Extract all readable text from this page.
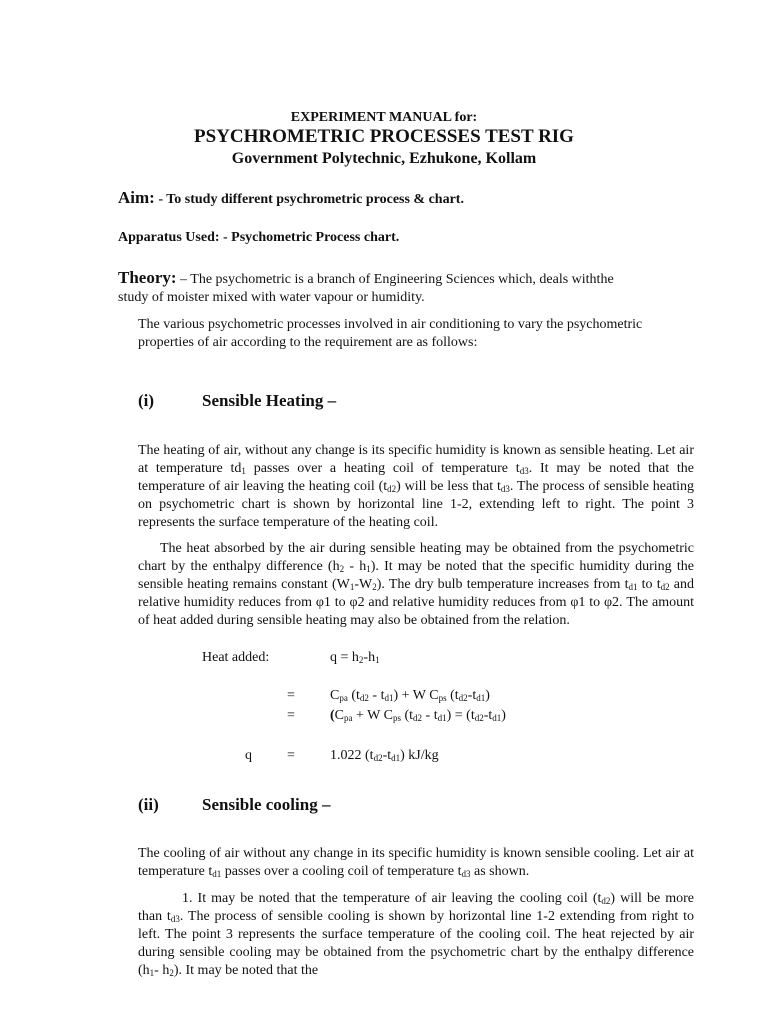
EXPERIMENT MANUAL for:
PSYCHROMETRIC PROCESSES TEST RIG
Government Polytechnic, Ezhukone, Kollam
Aim: - To study different psychrometric process & chart.
Apparatus Used: - Psychometric Process chart.
Theory: – The psychometric is a branch of Engineering Sciences which, deals withthe
study of moister mixed with water vapour or humidity.
The various psychometric processes involved in air conditioning to vary the psychometric properties of air according to the requirement are as follows:
(i)	Sensible Heating –
The heating of air, without any change is its specific humidity is known as sensible heating. Let air at temperature $td_1$ passes over a heating coil of temperature $t_{d3}$. It may be noted that the temperature of air leaving the heating coil $(t_{d2})$ will be less that $t_{d3}$. The process of sensible heating on psychometric chart is shown by horizontal line 1-2, extending left to right. The point 3 represents the surface temperature of the heating coil.
The heat absorbed by the air during sensible heating may be obtained from the psychometric chart by the enthalpy difference $(h_2 - h_1)$. It may be noted that the specific humidity during the sensible heating remains constant $(W_1-W_2)$. The dry bulb temperature increases from $t_{d1}$ to $t_{d2}$ and relative humidity reduces from φ1 to φ2 and relative humidity reduces from φ1 to φ2. The amount of heat added during sensible heating may also be obtained from the relation.
Heat added:	$q = h_2-h_1$
=	$C_{pa}$ $(t_{d2} - t_{d1}) + W$ $C_{ps}$ $(t_{d2}-t_{d1})$
=	($C_{pa} + W$ $C_{ps}$ $(t_{d2} - t_{d1}) = (t_{d2}-t_{d1})$
q	=	1.022 $(t_{d2}-t_{d1})$ kJ/kg
(ii)	Sensible cooling –
The cooling of air without any change in its specific humidity is known sensible cooling. Let air at temperature $t_{d1}$ passes over a cooling coil of temperature $t_{d3}$ as shown.
1. It may be noted that the temperature of air leaving the cooling coil $(t_{d2})$ will be more than $t_{d3}$. The process of sensible cooling is shown by horizontal line 1-2 extending from right to left. The point 3 represents the surface temperature of the cooling coil. The heat rejected by air during sensible cooling may be obtained from the psychometric chart by the enthalpy difference ($h_1-$ $h_2$). It may be noted that the
